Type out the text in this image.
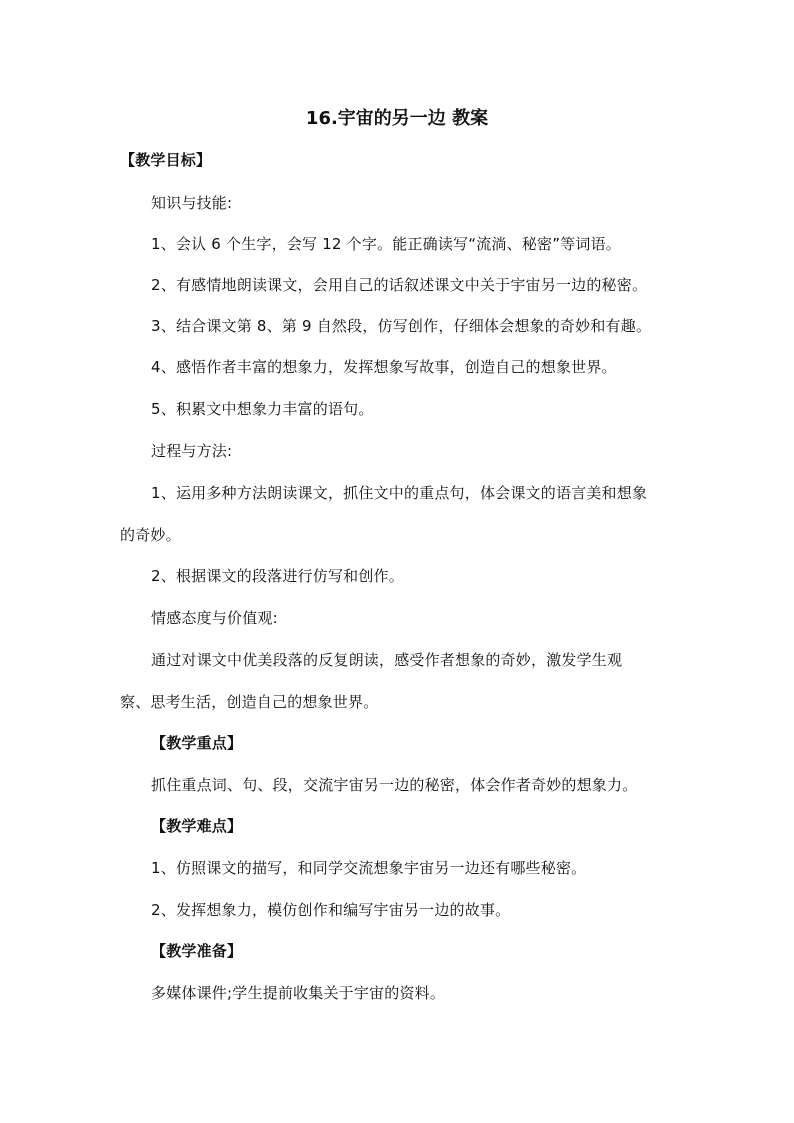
16.宇宙的另一边 教案
【教学目标】
知识与技能:
1、会认 6 个生字，会写 12 个字。能正确读写“流淌、秘密”等词语。
2、有感情地朗读课文，会用自己的话叙述课文中关于宇宙另一边的秘密。
3、结合课文第 8、第 9 自然段，仿写创作，仔细体会想象的奇妙和有趣。
4、感悟作者丰富的想象力，发挥想象写故事，创造自己的想象世界。
5、积累文中想象力丰富的语句。
过程与方法:
1、运用多种方法朗读课文，抓住文中的重点句，体会课文的语言美和想象
的奇妙。
2、根据课文的段落进行仿写和创作。
情感态度与价值观:
通过对课文中优美段落的反复朗读，感受作者想象的奇妙，激发学生观
察、思考生活，创造自己的想象世界。
【教学重点】
抓住重点词、句、段，交流宇宙另一边的秘密，体会作者奇妙的想象力。
【教学难点】
1、仿照课文的描写，和同学交流想象宇宙另一边还有哪些秘密。
2、发挥想象力，模仿创作和编写宇宙另一边的故事。
【教学准备】
多媒体课件;学生提前收集关于宇宙的资料。
